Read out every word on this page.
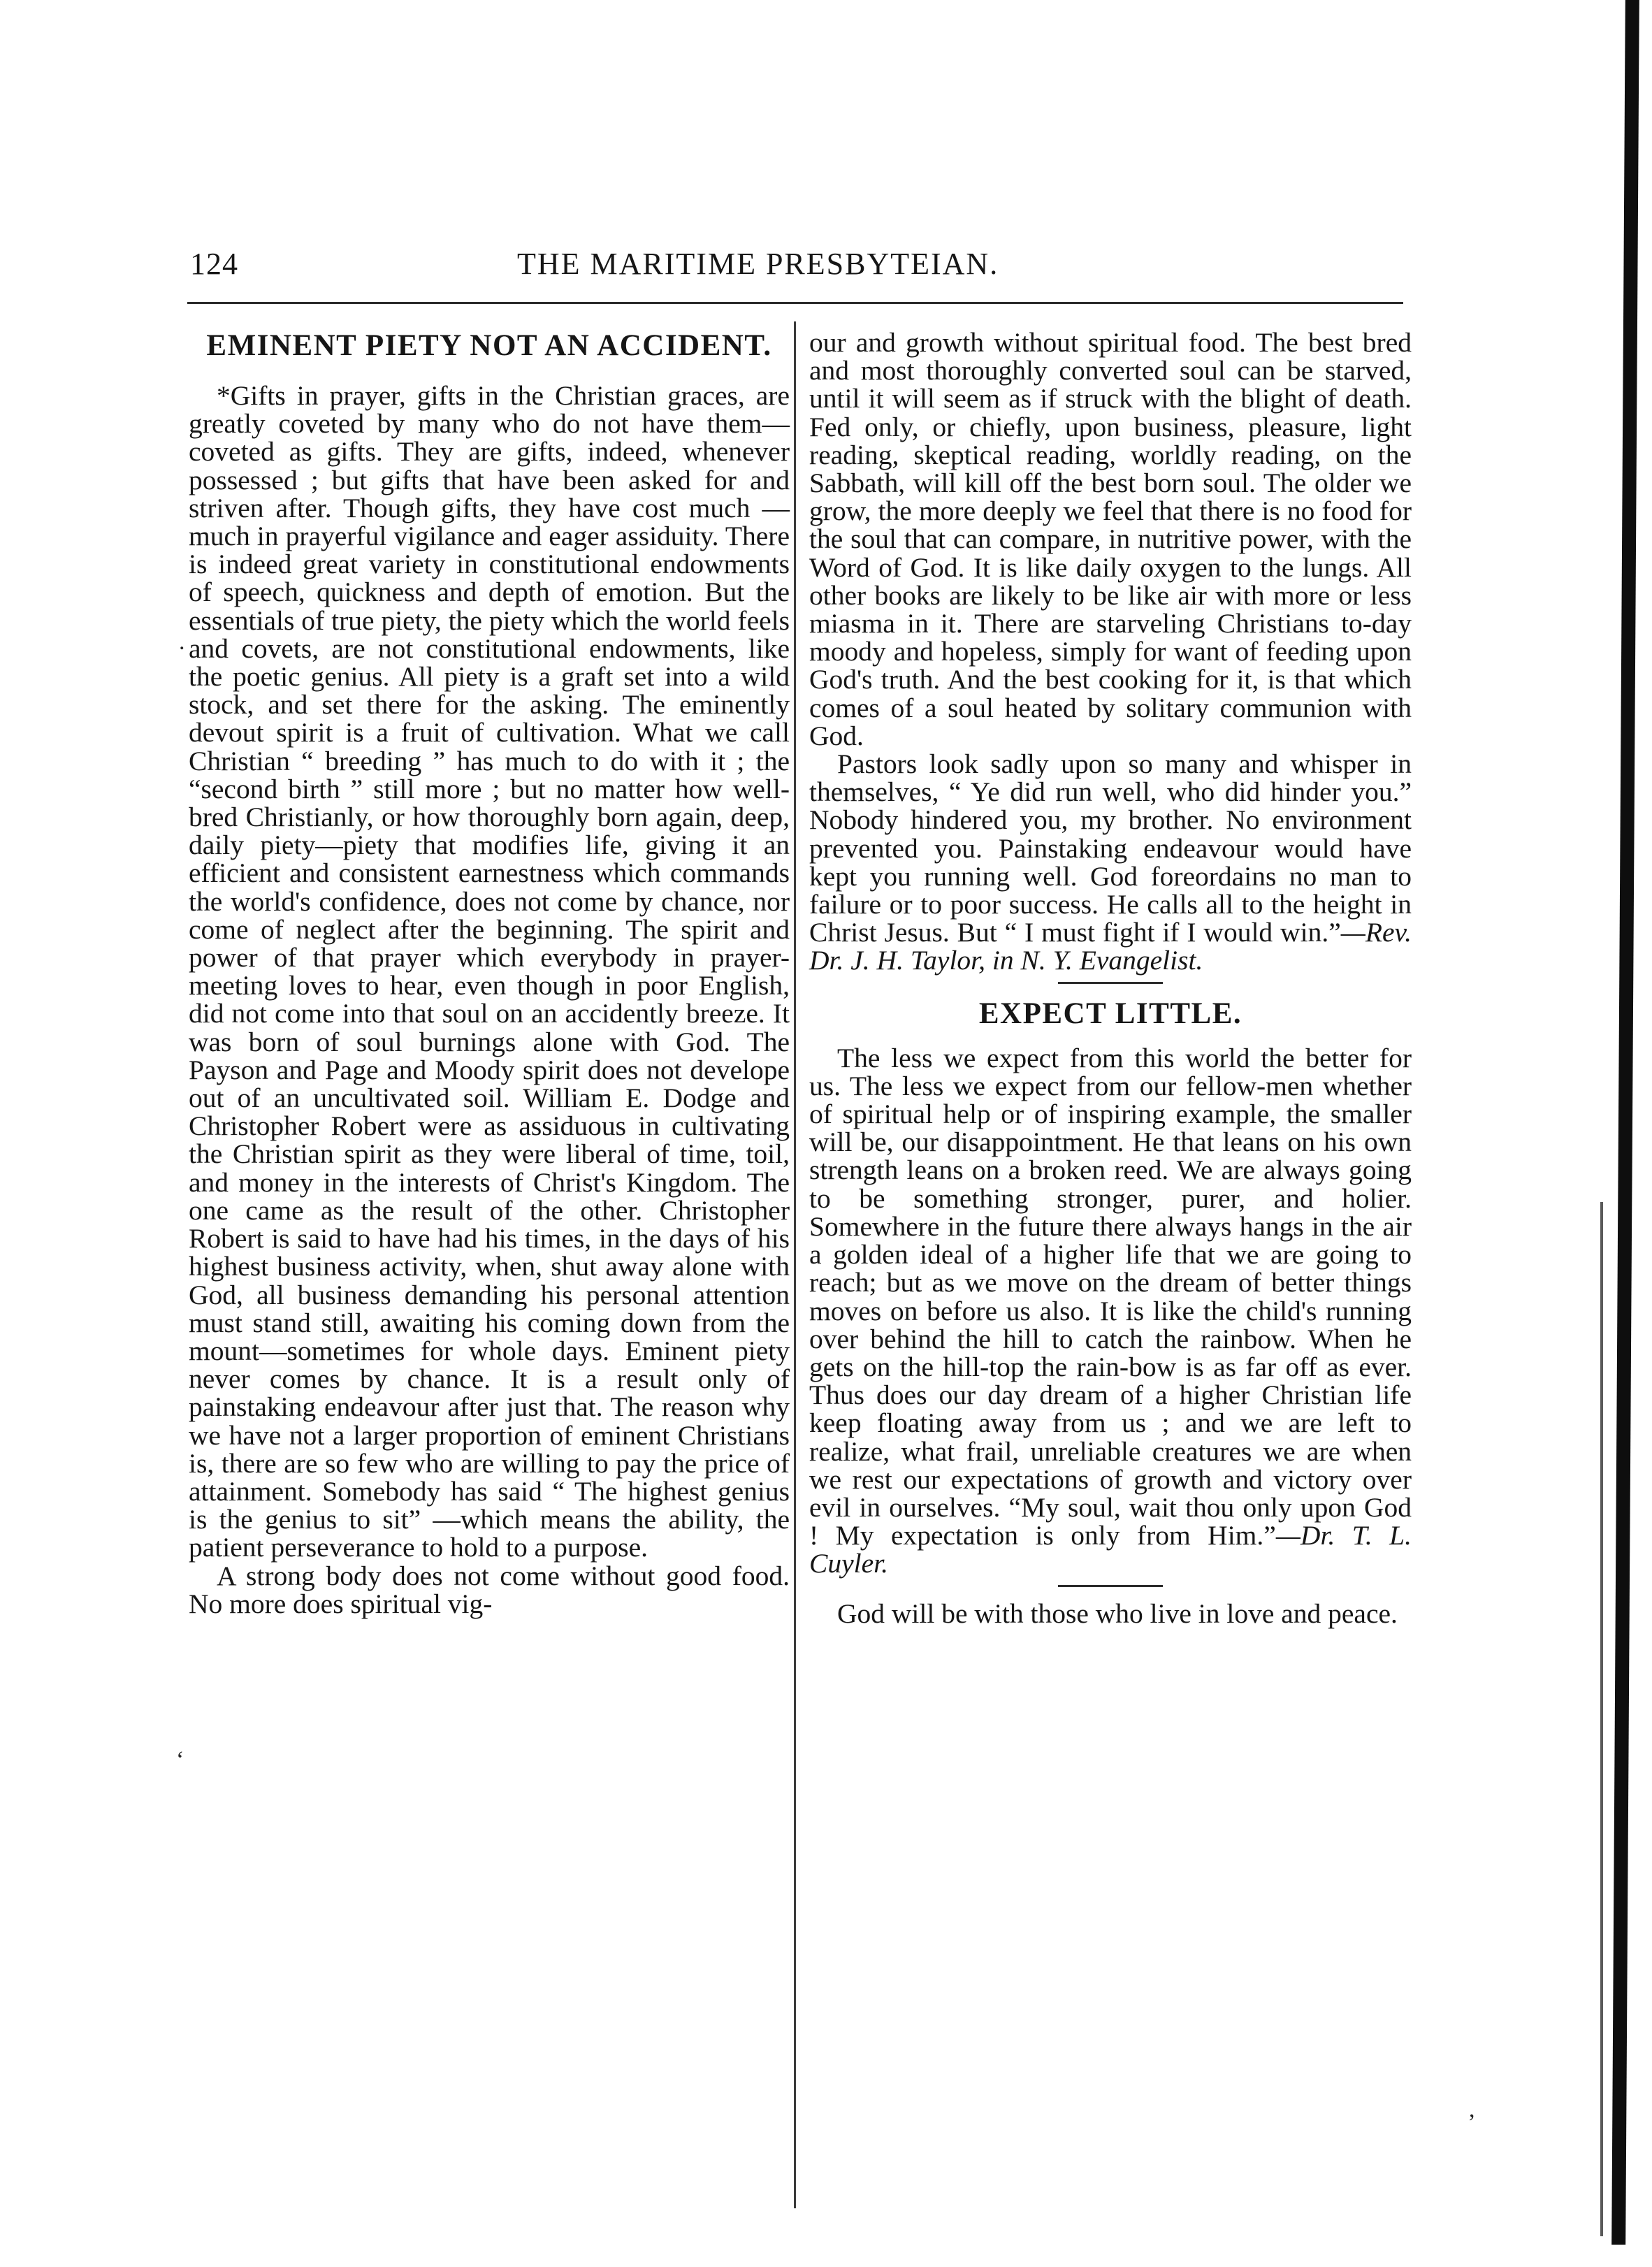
124	THE MARITIME PRESBYTEIAN.
.
‘
,
EMINENT PIETY NOT AN ACCIDENT.

*Gifts in prayer, gifts in the Christian graces, are greatly coveted by many who do not have them—coveted as gifts. They are gifts, indeed, whenever possessed ; but gifts that have been asked for and striven after. Though gifts, they have cost much —much in prayerful vigilance and eager assiduity. There is indeed great variety in constitutional endowments of speech, quickness and depth of emotion. But the essentials of true piety, the piety which the world feels and covets, are not constitutional endowments, like the poetic genius. All piety is a graft set into a wild stock, and set there for the asking. The eminently devout spirit is a fruit of cultivation. What we call Christian “ breeding ” has much to do with it ; the “second birth ” still more ; but no matter how well-bred Christianly, or how thoroughly born again, deep, daily piety—piety that modifies life, giving it an efficient and consistent earnestness which commands the world's confidence, does not come by chance, nor come of neglect after the beginning. The spirit and power of that prayer which everybody in prayer-meeting loves to hear, even though in poor English, did not come into that soul on an accidently breeze. It was born of soul burnings alone with God. The Payson and Page and Moody spirit does not develope out of an uncultivated soil. William E. Dodge and Christopher Robert were as assiduous in cultivating the Christian spirit as they were liberal of time, toil, and money in the interests of Christ's Kingdom. The one came as the result of the other. Christopher Robert is said to have had his times, in the days of his highest business activity, when, shut away alone with God, all business demanding his personal attention must stand still, awaiting his coming down from the mount—sometimes for whole days. Eminent piety never comes by chance. It is a result only of painstaking endeavour after just that. The reason why we have not a larger proportion of eminent Christians is, there are so few who are willing to pay the price of attainment. Somebody has said “ The highest genius is the genius to sit” —which means the ability, the patient perseverance to hold to a purpose.

A strong body does not come without good food. No more does spiritual vig-

our and growth without spiritual food. The best bred and most thoroughly converted soul can be starved, until it will seem as if struck with the blight of death. Fed only, or chiefly, upon business, pleasure, light reading, skeptical reading, worldly reading, on the Sabbath, will kill off the best born soul. The older we grow, the more deeply we feel that there is no food for the soul that can compare, in nutritive power, with the Word of God. It is like daily oxygen to the lungs. All other books are likely to be like air with more or less miasma in it. There are starveling Christians to-day moody and hopeless, simply for want of feeding upon God's truth. And the best cooking for it, is that which comes of a soul heated by solitary communion with God.

Pastors look sadly upon so many and whisper in themselves, “ Ye did run well, who did hinder you.” Nobody hindered you, my brother. No environment prevented you. Painstaking endeavour would have kept you running well. God foreordains no man to failure or to poor success. He calls all to the height in Christ Jesus. But “ I must fight if I would win.”—Rev. Dr. J. H. Taylor, in N. Y. Evangelist.

EXPECT LITTLE.

The less we expect from this world the better for us. The less we expect from our fellow-men whether of spiritual help or of inspiring example, the smaller will be, our disappointment. He that leans on his own strength leans on a broken reed. We are always going to be something stronger, purer, and holier. Somewhere in the future there always hangs in the air a golden ideal of a higher life that we are going to reach; but as we move on the dream of better things moves on before us also. It is like the child's running over behind the hill to catch the rainbow. When he gets on the hill-top the rain-bow is as far off as ever. Thus does our day dream of a higher Christian life keep floating away from us ; and we are left to realize, what frail, unreliable creatures we are when we rest our expectations of growth and victory over evil in ourselves. “My soul, wait thou only upon God ! My expectation is only from Him.”—Dr. T. L. Cuyler.

God will be with those who live in love and peace.
